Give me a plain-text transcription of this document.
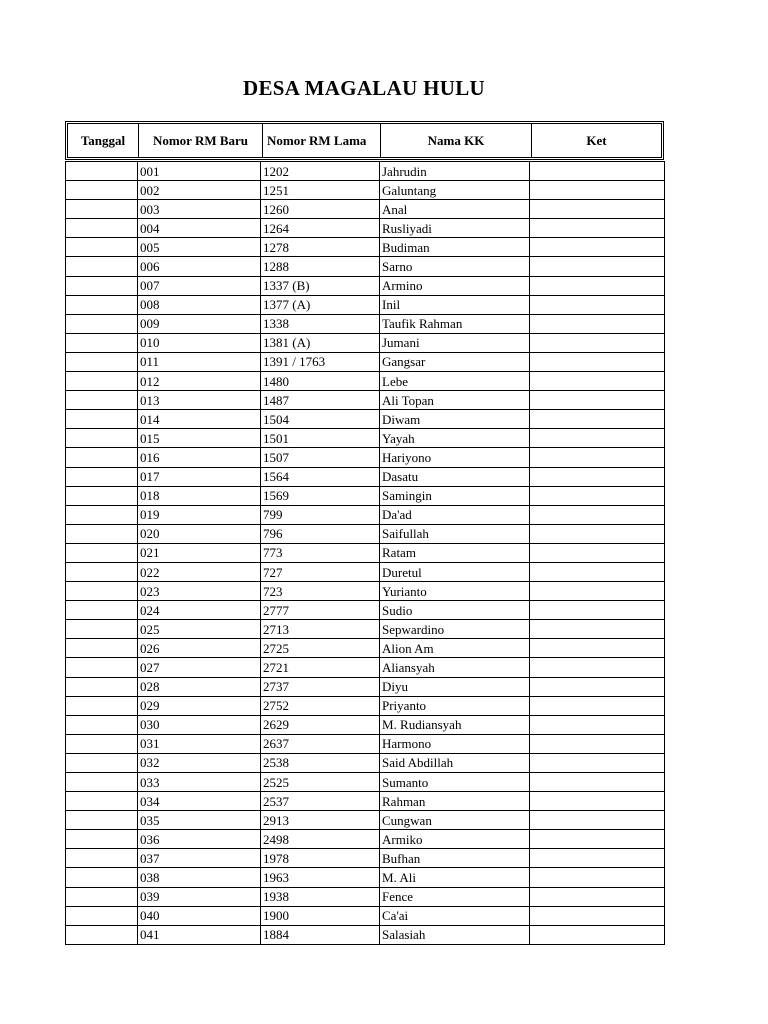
DESA MAGALAU HULU
Tanggal	Nomor RM Baru	Nomor RM Lama	Nama KK	Ket
	001	1202	Jahrudin	
	002	1251	Galuntang	
	003	1260	Anal	
	004	1264	Rusliyadi	
	005	1278	Budiman	
	006	1288	Sarno	
	007	1337 (B)	Armino	
	008	1377 (A)	Inil	
	009	1338	Taufik Rahman	
	010	1381 (A)	Jumani	
	011	1391 / 1763	Gangsar	
	012	1480	Lebe	
	013	1487	Ali Topan	
	014	1504	Diwam	
	015	1501	Yayah	
	016	1507	Hariyono	
	017	1564	Dasatu	
	018	1569	Samingin	
	019	799	Da'ad	
	020	796	Saifullah	
	021	773	Ratam	
	022	727	Duretul	
	023	723	Yurianto	
	024	2777	Sudio	
	025	2713	Sepwardino	
	026	2725	Alion Am	
	027	2721	Aliansyah	
	028	2737	Diyu	
	029	2752	Priyanto	
	030	2629	M. Rudiansyah	
	031	2637	Harmono	
	032	2538	Said Abdillah	
	033	2525	Sumanto	
	034	2537	Rahman	
	035	2913	Cungwan	
	036	2498	Armiko	
	037	1978	Bufhan	
	038	1963	M. Ali	
	039	1938	Fence	
	040	1900	Ca'ai	
	041	1884	Salasiah	
